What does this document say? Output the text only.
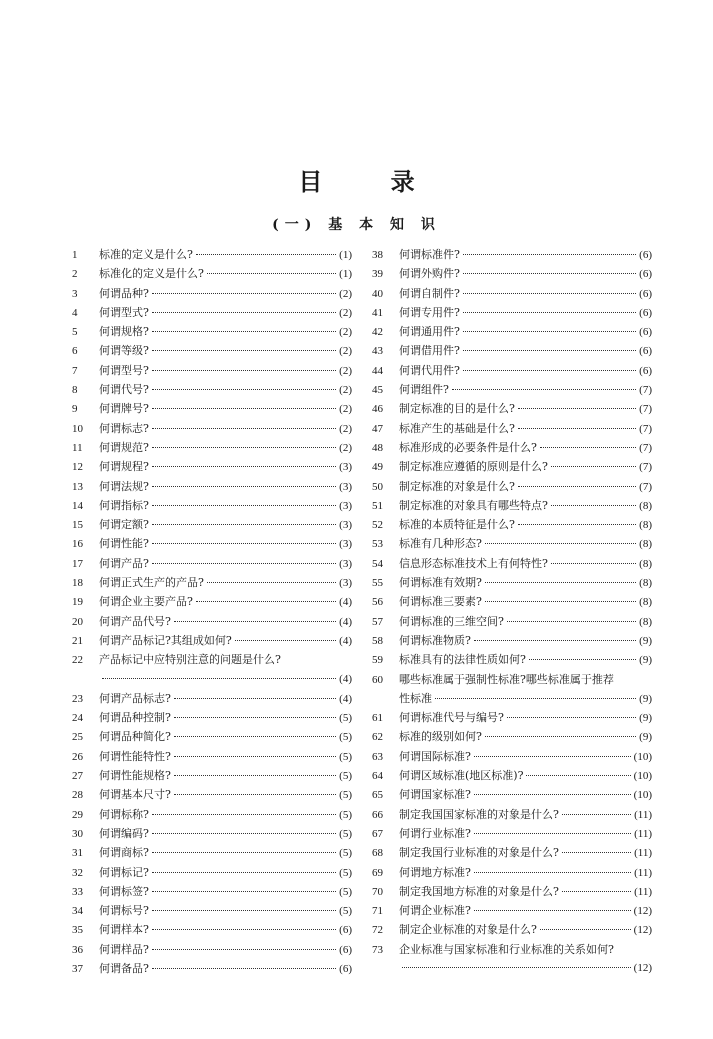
目 录
(一) 基 本 知 识
1	标准的定义是什么?	(1)
2	标准化的定义是什么?	(1)
3	何谓品种?	(2)
4	何谓型式?	(2)
5	何谓规格?	(2)
6	何谓等级?	(2)
7	何谓型号?	(2)
8	何谓代号?	(2)
9	何谓牌号?	(2)
10	何谓标志?	(2)
11	何谓规范?	(2)
12	何谓规程?	(3)
13	何谓法规?	(3)
14	何谓指标?	(3)
15	何谓定额?	(3)
16	何谓性能?	(3)
17	何谓产品?	(3)
18	何谓正式生产的产品?	(3)
19	何谓企业主要产品?	(4)
20	何谓产品代号?	(4)
21	何谓产品标记?其组成如何?	(4)
22	产品标记中应特别注意的问题是什么?
(4)
23	何谓产品标志?	(4)
24	何谓品种控制?	(5)
25	何谓品种简化?	(5)
26	何谓性能特性?	(5)
27	何谓性能规格?	(5)
28	何谓基本尺寸?	(5)
29	何谓标称?	(5)
30	何谓编码?	(5)
31	何谓商标?	(5)
32	何谓标记?	(5)
33	何谓标签?	(5)
34	何谓标号?	(5)
35	何谓样本?	(6)
36	何谓样品?	(6)
37	何谓备品?	(6)
38	何谓标准件?	(6)
39	何谓外购件?	(6)
40	何谓自制件?	(6)
41	何谓专用件?	(6)
42	何谓通用件?	(6)
43	何谓借用件?	(6)
44	何谓代用件?	(6)
45	何谓组件?	(7)
46	制定标准的目的是什么?	(7)
47	标准产生的基础是什么?	(7)
48	标准形成的必要条件是什么?	(7)
49	制定标准应遵循的原则是什么?	(7)
50	制定标准的对象是什么?	(7)
51	制定标准的对象具有哪些特点?	(8)
52	标准的本质特征是什么?	(8)
53	标准有几种形态?	(8)
54	信息形态标准技术上有何特性?	(8)
55	何谓标准有效期?	(8)
56	何谓标准三要素?	(8)
57	何谓标准的三维空间?	(8)
58	何谓标准物质?	(9)
59	标准具有的法律性质如何?	(9)
60	哪些标准属于强制性标准?哪些标准属于推荐
性标准	(9)
61	何谓标准代号与编号?	(9)
62	标准的级别如何?	(9)
63	何谓国际标准?	(10)
64	何谓区域标准(地区标准)?	(10)
65	何谓国家标准?	(10)
66	制定我国国家标准的对象是什么?	(11)
67	何谓行业标准?	(11)
68	制定我国行业标准的对象是什么?	(11)
69	何谓地方标准?	(11)
70	制定我国地方标准的对象是什么?	(11)
71	何谓企业标准?	(12)
72	制定企业标准的对象是什么?	(12)
73	企业标准与国家标准和行业标准的关系如何?
(12)
